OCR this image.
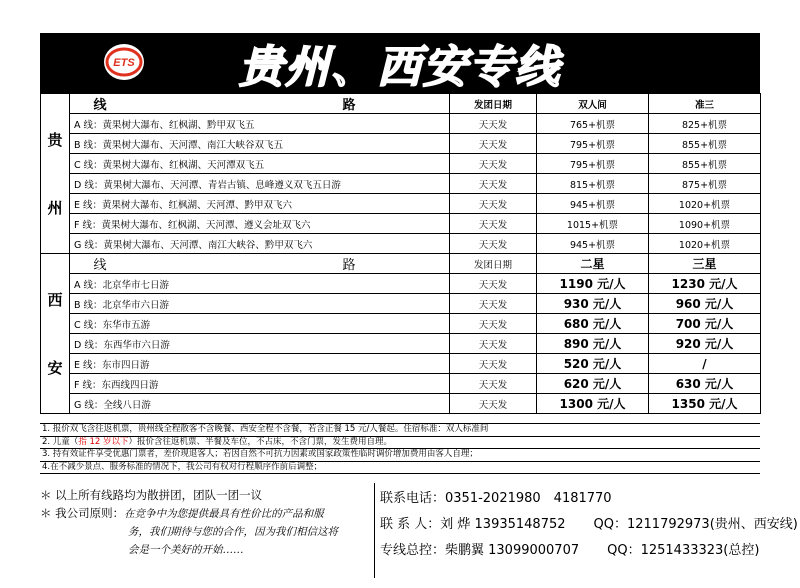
ETS 贵州、西安专线
贵
州	线　　路	发团日期	双人间	准三
	A 线：黄果树大瀑布、红枫湖、黔甲双飞五	天天发	765+机票	825+机票
	B 线：黄果树大瀑布、天河潭、南江大峡谷双飞五	天天发	795+机票	855+机票
	C 线：黄果树大瀑布、红枫湖、天河潭双飞五	天天发	795+机票	855+机票
	D 线：黄果树大瀑布、天河潭、青岩古镇、息峰遵义双飞五日游	天天发	815+机票	875+机票
	E 线：黄果树大瀑布、红枫湖、天河潭、黔甲双飞六	天天发	945+机票	1020+机票
	F 线：黄果树大瀑布、红枫湖、天河潭、遵义会址双飞六	天天发	1015+机票	1090+机票
	G 线：黄果树大瀑布、天河潭、南江大峡谷、黔甲双飞六	天天发	945+机票	1020+机票

西
安	线　　路	发团日期	二星	三星
	A 线：北京华市七日游	天天发	1190 元/人	1230 元/人
	B 线：北京华市六日游	天天发	930 元/人	960 元/人
	C 线：东华市五游	天天发	680 元/人	700 元/人
	D 线：东西华市六日游	天天发	890 元/人	920 元/人
	E 线：东市四日游	天天发	520 元/人	/
	F 线：东西线四日游	天天发	620 元/人	630 元/人
	G 线：全线八日游	天天发	1300 元/人	1350 元/人
1. 报价双飞含往返机票，贵州线全程散客不含晚餐、西安全程不含餐，若含正餐 15 元/人餐起。住宿标准：双人标准间
2. 儿童（指 12 岁以下）报价含往返机票、半餐及车位，不占床，不含门票，发生费用自理。
3. 持有效证件享受优惠门票者，差价现退客人；若因自然不可抗力因素或国家政策性临时调价增加费用由客人自理；
4.在不减少景点、服务标准的情况下，我公司有权对行程顺序作前后调整；
＊ 以上所有线路均为散拼团，团队一团一议
＊ 我公司原则：在竞争中为您提供最具有性价比的产品和服
务，我们期待与您的合作，因为我们相信这将
会是一个美好的开始……
联系电话：0351-2021980　4181770
联 系 人：刘 烨 13935148752 QQ：1211792973(贵州、西安线)
专线总控：柴鹏翼 13099000707 QQ：1251433323(总控)
